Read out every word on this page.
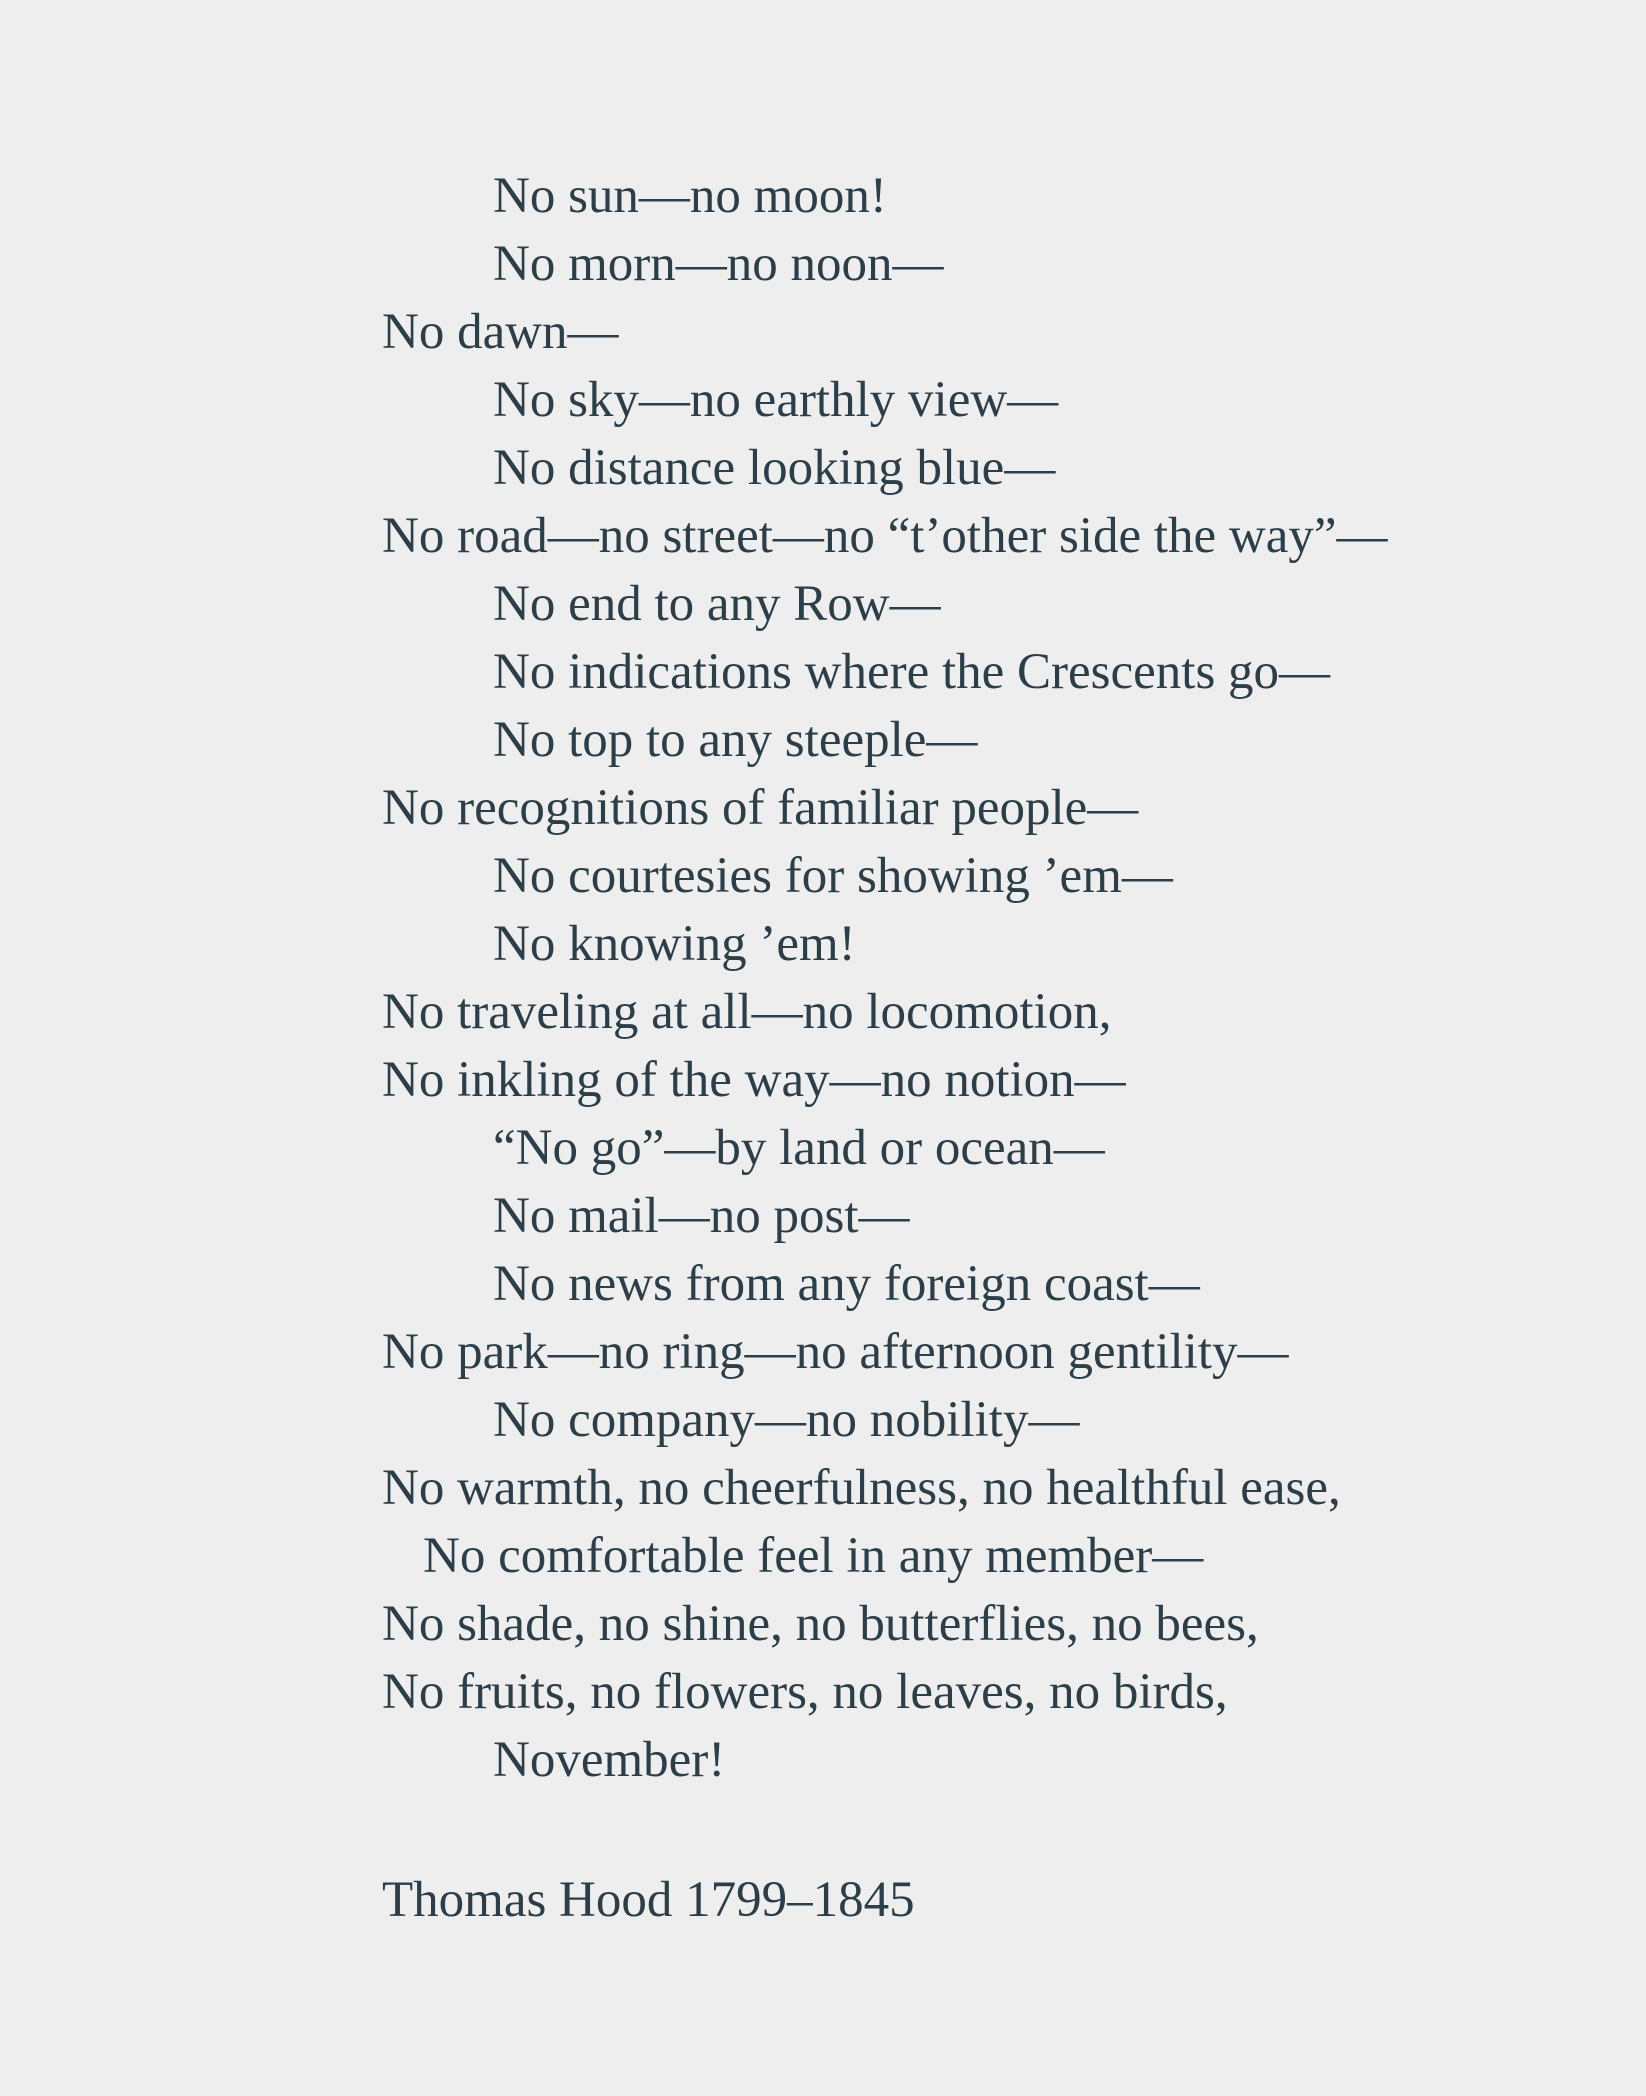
No sun—no moon!
No morn—no noon—
No dawn—
No sky—no earthly view—
No distance looking blue—
No road—no street—no “t’other side the way”—
No end to any Row—
No indications where the Crescents go—
No top to any steeple—
No recognitions of familiar people—
No courtesies for showing ’em—
No knowing ’em!
No traveling at all—no locomotion,
No inkling of the way—no notion—
“No go”—by land or ocean—
No mail—no post—
No news from any foreign coast—
No park—no ring—no afternoon gentility—
No company—no nobility—
No warmth, no cheerfulness, no healthful ease,
No comfortable feel in any member—
No shade, no shine, no butterflies, no bees,
No fruits, no flowers, no leaves, no birds,
November!
Thomas Hood 1799–1845
